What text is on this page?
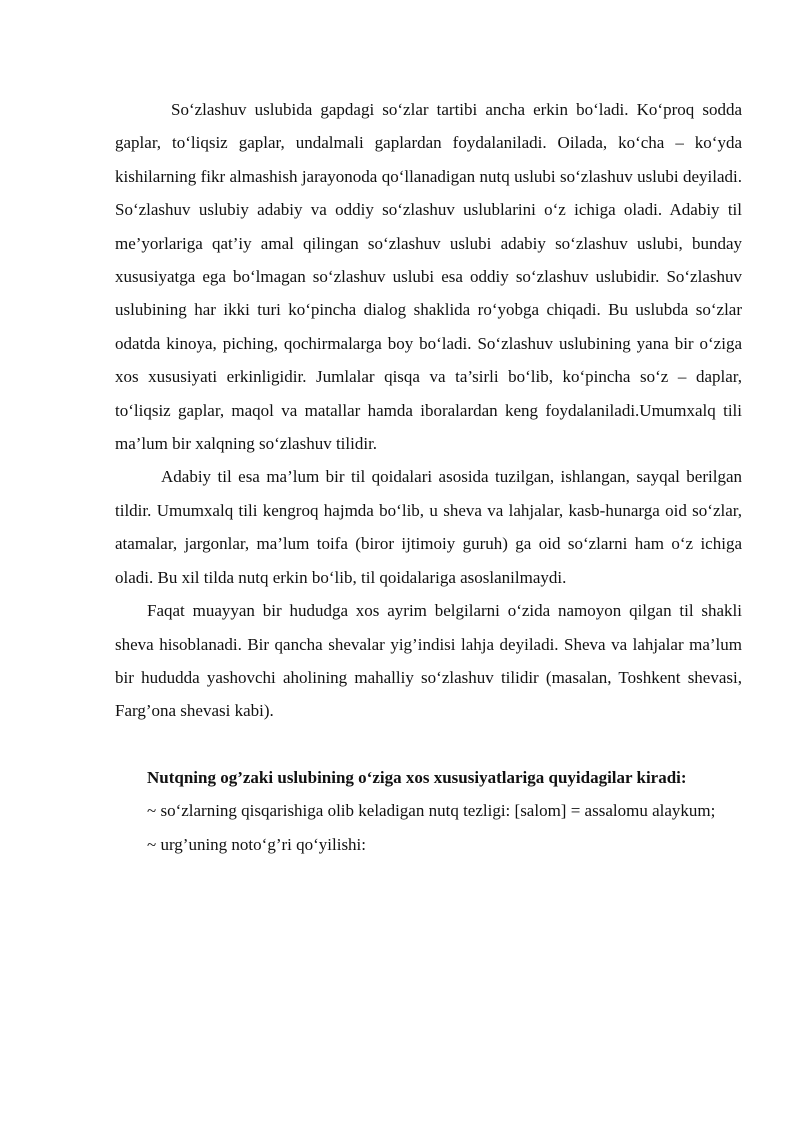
So‘zlashuv uslubida gapdagi so‘zlar tartibi ancha erkin bo‘ladi. Ko‘proq sodda gaplar, to‘liqsiz gaplar, undalmali gaplardan foydalaniladi. Oilada, ko‘cha – ko‘yda kishilarning fikr almashish jarayonoda qo‘llanadigan nutq uslubi so‘zlashuv uslubi deyiladi. So‘zlashuv uslubiy adabiy va oddiy so‘zlashuv uslublarini o‘z ichiga oladi. Adabiy til me’yorlariga qat’iy amal qilingan so‘zlashuv uslubi adabiy so‘zlashuv uslubi, bunday xususiyatga ega bo‘lmagan so‘zlashuv uslubi esa oddiy so‘zlashuv uslubidir. So‘zlashuv uslubining har ikki turi ko‘pincha dialog shaklida ro‘yobga chiqadi. Bu uslubda so‘zlar odatda kinoya, piching, qochirmalarga boy bo‘ladi. So‘zlashuv uslubining yana bir o‘ziga xos xususiyati erkinligidir. Jumlalar qisqa va ta’sirli bo‘lib, ko‘pincha so‘z – daplar, to‘liqsiz gaplar, maqol va matallar hamda iboralardan keng foydalaniladi.Umumxalq tili ma’lum bir xalqning so‘zlashuv tilidir.

Adabiy til esa ma’lum bir til qoidalari asosida tuzilgan, ishlangan, sayqal berilgan tildir. Umumxalq tili kengroq hajmda bo‘lib, u sheva va lahjalar, kasb-hunarga oid so‘zlar, atamalar, jargonlar, ma’lum toifa (biror ijtimoiy guruh) ga oid so‘zlarni ham o‘z ichiga oladi. Bu xil tilda nutq erkin bo‘lib, til qoidalariga asoslanilmaydi.

Faqat muayyan bir hududga xos ayrim belgilarni o‘zida namoyon qilgan til shakli sheva hisoblanadi. Bir qancha shevalar yig’indisi lahja deyiladi. Sheva va lahjalar ma’lum bir hududda yashovchi aholining mahalliy so‘zlashuv tilidir (masalan, Toshkent shevasi, Farg’ona shevasi kabi).

Nutqning og’zaki uslubining o‘ziga xos xususiyatlariga quyidagilar kiradi:

~ so‘zlarning qisqarishiga olib keladigan nutq tezligi: [salom] = assalomu alaykum;

~ urg’uning noto‘g’ri qo‘yilishi:
